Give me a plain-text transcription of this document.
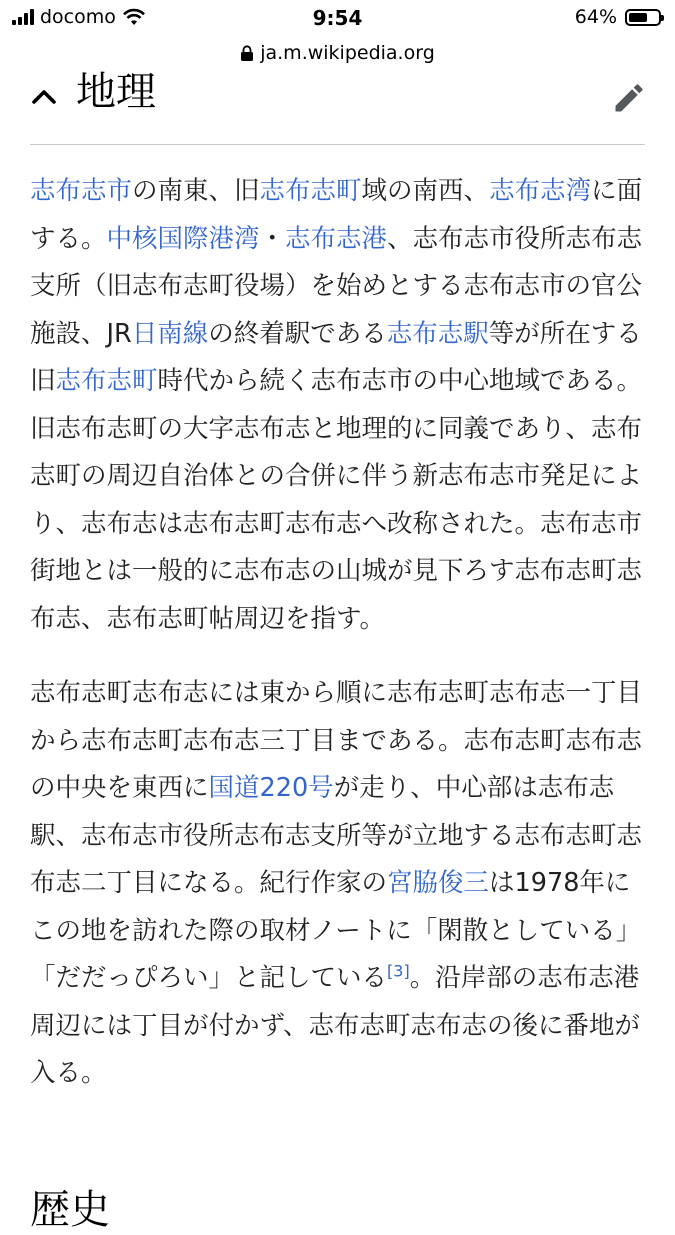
docomo	9:54	64%
ja.m.wikipedia.org
地理

志布志市の南東、旧志布志町域の南西、志布志湾に面する。中核国際港湾・志布志港、志布志市役所志布志支所（旧志布志町役場）を始めとする志布志市の官公施設、JR日南線の終着駅である志布志駅等が所在する旧志布志町時代から続く志布志市の中心地域である。旧志布志町の大字志布志と地理的に同義であり、志布志町の周辺自治体との合併に伴う新志布志市発足により、志布志は志布志町志布志へ改称された。志布志市街地とは一般的に志布志の山城が見下ろす志布志町志布志、志布志町帖周辺を指す。

志布志町志布志には東から順に志布志町志布志一丁目から志布志町志布志三丁目まである。志布志町志布志の中央を東西に国道220号が走り、中心部は志布志駅、志布志市役所志布志支所等が立地する志布志町志布志二丁目になる。紀行作家の宮脇俊三は1978年にこの地を訪れた際の取材ノートに「閑散としている」「だだっぴろい」と記している[3]。沿岸部の志布志港周辺には丁目が付かず、志布志町志布志の後に番地が入る。

歴史
